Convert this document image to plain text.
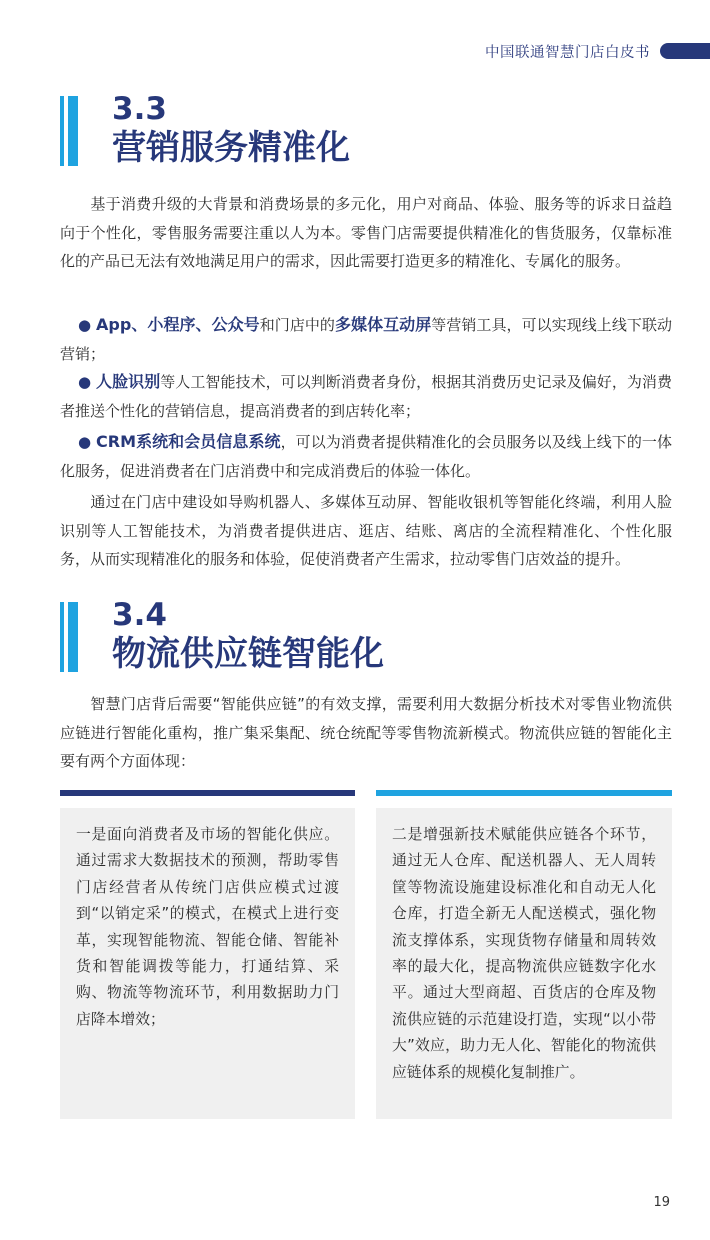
中国联通智慧门店白皮书
3.3
营销服务精准化
基于消费升级的大背景和消费场景的多元化，用户对商品、体验、服务等的诉求日益趋向于个性化，零售服务需要注重以人为本。零售门店需要提供精准化的售货服务，仅靠标准化的产品已无法有效地满足用户的需求，因此需要打造更多的精准化、专属化的服务。
● App、小程序、公众号和门店中的多媒体互动屏等营销工具，可以实现线上线下联动营销；
● 人脸识别等人工智能技术，可以判断消费者身份，根据其消费历史记录及偏好，为消费者推送个性化的营销信息，提高消费者的到店转化率；
● CRM系统和会员信息系统，可以为消费者提供精准化的会员服务以及线上线下的一体化服务，促进消费者在门店消费中和完成消费后的体验一体化。
通过在门店中建设如导购机器人、多媒体互动屏、智能收银机等智能化终端，利用人脸识别等人工智能技术，为消费者提供进店、逛店、结账、离店的全流程精准化、个性化服务，从而实现精准化的服务和体验，促使消费者产生需求，拉动零售门店效益的提升。
3.4
物流供应链智能化
智慧门店背后需要“智能供应链”的有效支撑，需要利用大数据分析技术对零售业物流供应链进行智能化重构，推广集采集配、统仓统配等零售物流新模式。物流供应链的智能化主要有两个方面体现：
一是面向消费者及市场的智能化供应。通过需求大数据技术的预测，帮助零售门店经营者从传统门店供应模式过渡到“以销定采”的模式，在模式上进行变革，实现智能物流、智能仓储、智能补货和智能调拨等能力，打通结算、采购、物流等物流环节，利用数据助力门店降本增效；
二是增强新技术赋能供应链各个环节，通过无人仓库、配送机器人、无人周转筐等物流设施建设标准化和自动无人化仓库，打造全新无人配送模式，强化物流支撑体系，实现货物存储量和周转效率的最大化，提高物流供应链数字化水平。通过大型商超、百货店的仓库及物流供应链的示范建设打造，实现“以小带大”效应，助力无人化、智能化的物流供应链体系的规模化复制推广。
19
